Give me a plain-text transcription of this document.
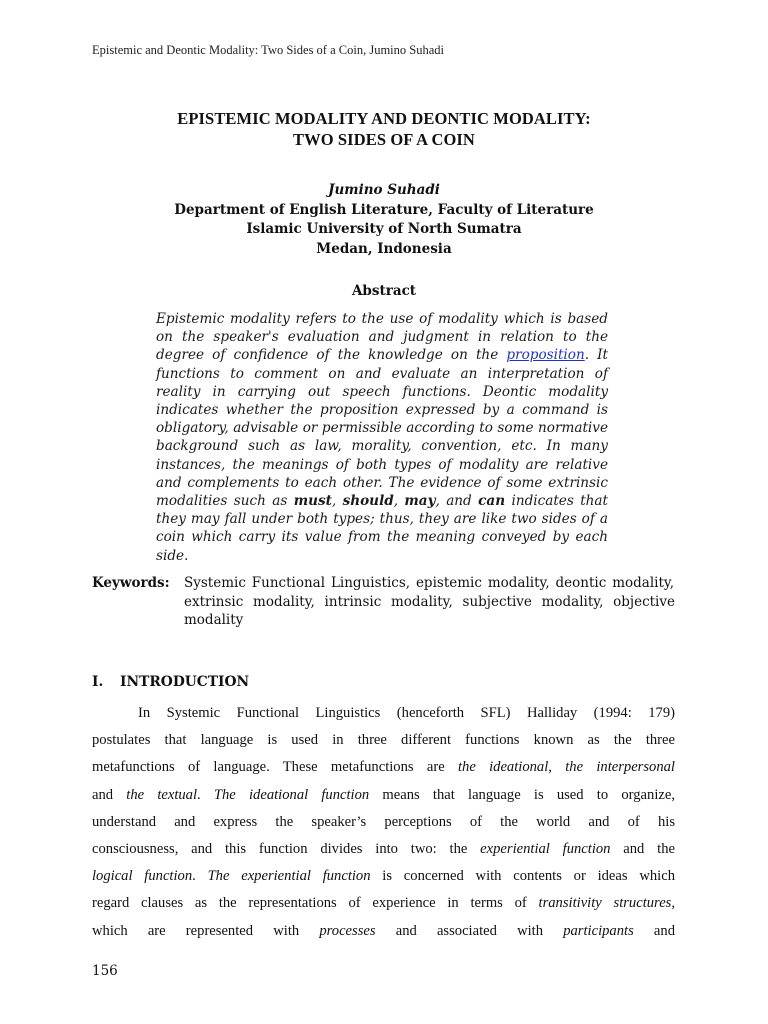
Epistemic and Deontic Modality: Two Sides of a Coin, Jumino Suhadi
EPISTEMIC MODALITY AND DEONTIC MODALITY:
TWO SIDES OF A COIN
Jumino Suhadi
Department of English Literature, Faculty of Literature
Islamic University of North Sumatra
Medan, Indonesia
Abstract
Epistemic modality refers to the use of modality which is based on the speaker's evaluation and judgment in relation to the degree of confidence of the knowledge on the proposition. It functions to comment on and evaluate an interpretation of reality in carrying out speech functions. Deontic modality indicates whether the proposition expressed by a command is obligatory, advisable or permissible according to some normative background such as law, morality, convention, etc. In many instances, the meanings of both types of modality are relative and complements to each other. The evidence of some extrinsic modalities such as must, should, may, and can indicates that they may fall under both types; thus, they are like two sides of a coin which carry its value from the meaning conveyed by each side.
Keywords: Systemic Functional Linguistics, epistemic modality, deontic modality,
extrinsic modality, intrinsic modality, subjective modality, objective modality
I. INTRODUCTION
In Systemic Functional Linguistics (henceforth SFL) Halliday (1994: 179)
postulates that language is used in three different functions known as the three
metafunctions of language. These metafunctions are the ideational, the interpersonal
and the textual. The ideational function means that language is used to organize,
understand and express the speaker’s perceptions of the world and of his
consciousness, and this function divides into two: the experiential function and the
logical function. The experiential function is concerned with contents or ideas which
regard clauses as the representations of experience in terms of transitivity structures,
which are represented with processes and associated with participants and
156
